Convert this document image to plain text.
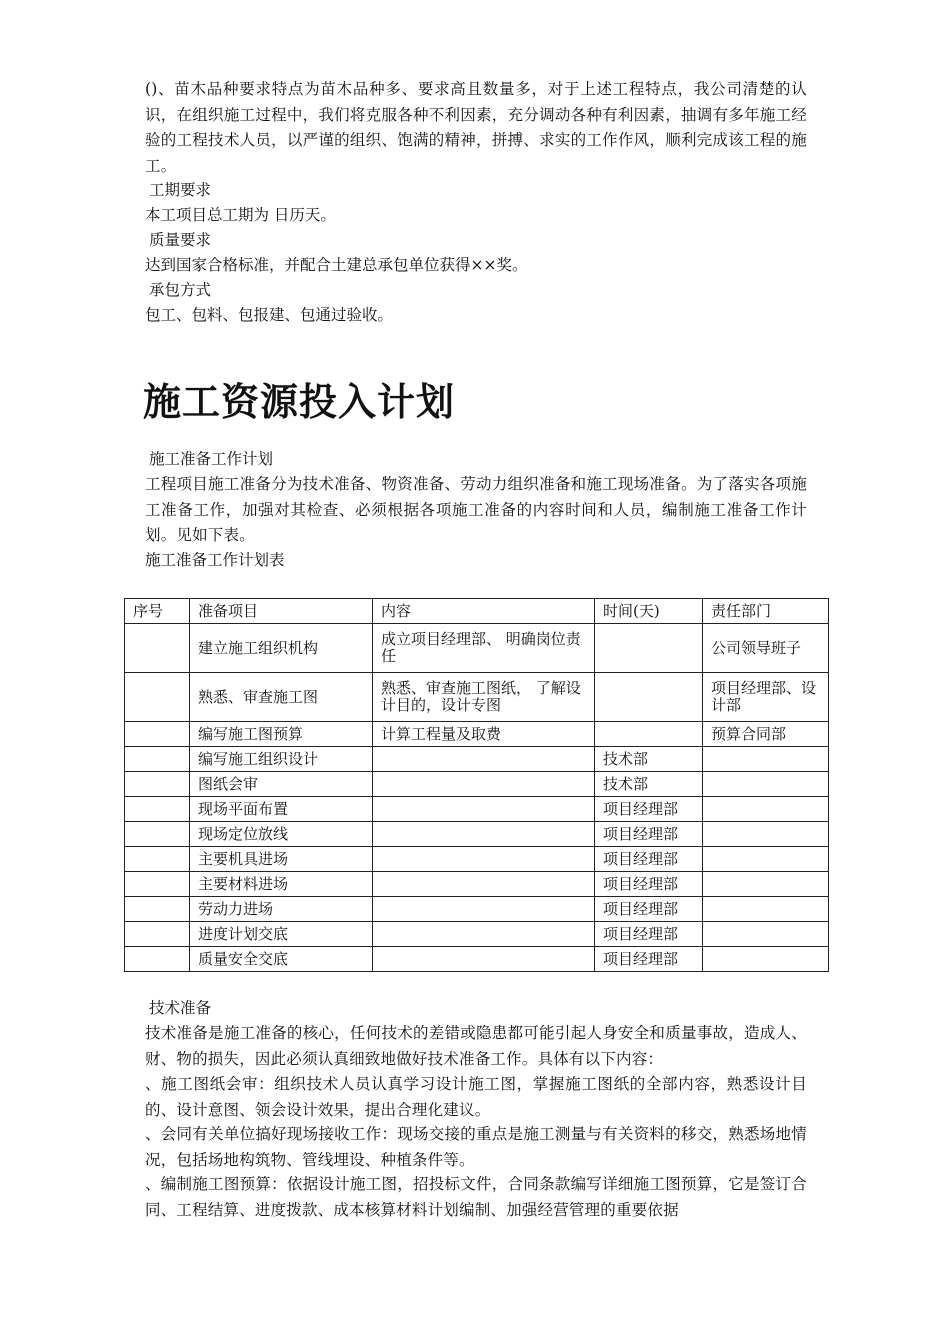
()、苗木品种要求特点为苗木品种多、要求高且数量多，对于上述工程特点，我公司清楚的认识，在组织施工过程中，我们将克服各种不利因素，充分调动各种有利因素，抽调有多年施工经验的工程技术人员，以严谨的组织、饱满的精神，拼搏、求实的工作作风，顺利完成该工程的施工。
工期要求
本工项目总工期为 日历天。
质量要求
达到国家合格标准，并配合土建总承包单位获得××奖。
承包方式
包工、包料、包报建、包通过验收。
施工资源投入计划
施工准备工作计划
工程项目施工准备分为技术准备、物资准备、劳动力组织准备和施工现场准备。为了落实各项施工准备工作，加强对其检查、必须根据各项施工准备的内容时间和人员，编制施工准备工作计划。见如下表。
施工准备工作计划表
序号	准备项目	内容	时间(天)	责任部门
	建立施工组织机构	成立项目经理部、 明确岗位责任		公司领导班子
	熟悉、审查施工图	熟悉、审查施工图纸， 了解设计目的，设计专图		项目经理部、设计部
	编写施工图预算	计算工程量及取费		预算合同部
	编写施工组织设计		技术部	
	图纸会审		技术部	
	现场平面布置		项目经理部	
	现场定位放线		项目经理部	
	主要机具进场		项目经理部	
	主要材料进场		项目经理部	
	劳动力进场		项目经理部	
	进度计划交底		项目经理部	
	质量安全交底		项目经理部	
技术准备
技术准备是施工准备的核心，任何技术的差错或隐患都可能引起人身安全和质量事故，造成人、财、物的损失，因此必须认真细致地做好技术准备工作。具体有以下内容：
、施工图纸会审：组织技术人员认真学习设计施工图，掌握施工图纸的全部内容，熟悉设计目的、设计意图、领会设计效果，提出合理化建议。
、会同有关单位搞好现场接收工作：现场交接的重点是施工测量与有关资料的移交，熟悉场地情况，包括场地构筑物、管线埋设、种植条件等。
、编制施工图预算：依据设计施工图，招投标文件，合同条款编写详细施工图预算，它是签订合同、工程结算、进度拨款、成本核算材料计划编制、加强经营管理的重要依据
